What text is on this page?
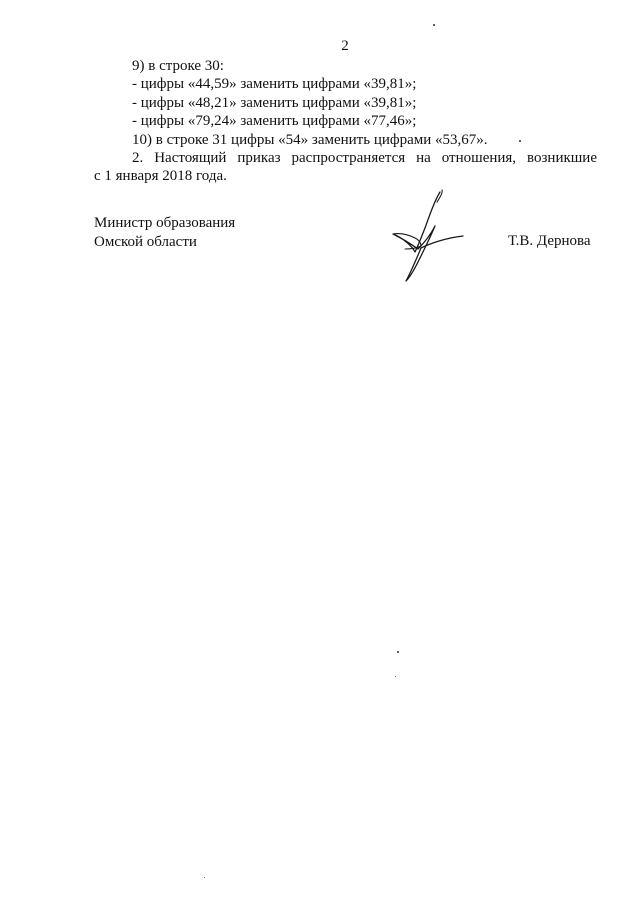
2
9) в строке 30:
- цифры «44,59» заменить цифрами «39,81»;
- цифры «48,21» заменить цифрами «39,81»;
- цифры «79,24» заменить цифрами «77,46»;
10) в строке 31 цифры «54» заменить цифрами «53,67».
2. Настоящий приказ распространяется на отношения, возникшие
с 1 января 2018 года.
Министр образования
Омской области	Т.В. Дернова
